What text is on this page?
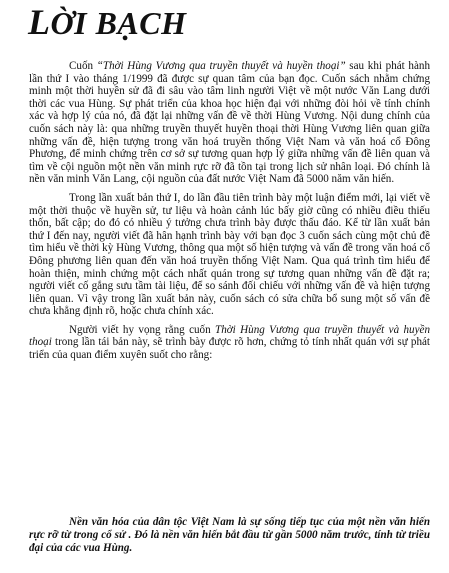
LỜI BẠCH

Cuốn “Thời Hùng Vương qua truyền thuyết và huyền thoại” sau khi phát hành lần thứ I vào tháng 1/1999 đã được sự quan tâm của bạn đọc. Cuốn sách nhằm chứng minh một thời huyền sử đã đi sâu vào tâm linh người Việt về một nước Văn Lang dưới thời các vua Hùng. Sự phát triển của khoa học hiện đại với những đòi hỏi về tính chính xác và hợp lý của nó, đã đặt lại những vấn đề về thời Hùng Vương. Nội dung chính của cuốn sách này là: qua những truyền thuyết huyền thoại thời Hùng Vương liên quan giữa những vấn đề, hiện tượng trong văn hoá truyền thống Việt Nam và văn hoá cổ Đông Phương, để minh chứng trên cơ sở sự tương quan hợp lý giữa những vấn đề liên quan và tìm về cội nguồn một nền văn minh rực rỡ đã tồn tại trong lịch sử nhân loại. Đó chính là nền văn minh Văn Lang, cội nguồn của đất nước Việt Nam đã 5000 năm văn hiến.

Trong lần xuất bản thứ I, do lần đầu tiên trình bày một luận điểm mới, lại viết về một thời thuộc về huyền sử, tư liệu và hoàn cảnh lúc bấy giờ cũng có nhiều điều thiếu thốn, bất cập; do đó có nhiều ý tưởng chưa trình bày được thấu đáo. Kể từ lần xuất bản thứ I đến nay, người viết đã hân hạnh trình bày với bạn đọc 3 cuốn sách cùng một chủ đề tìm hiểu về thời kỳ Hùng Vương, thông qua một số hiện tượng và vấn đề trong văn hoá cổ Đông phương liên quan đến văn hoá truyền thống Việt Nam. Qua quá trình tìm hiểu để hoàn thiện, minh chứng một cách nhất quán trong sự tương quan những vấn đề đặt ra; người viết cố gắng sưu tầm tài liệu, để so sánh đối chiếu với những vấn đề và hiện tượng liên quan. Vì vậy trong lần xuất bản này, cuốn sách có sửa chữa bổ sung một số vấn đề chưa khẳng định rõ, hoặc chưa chính xác.

Người viết hy vọng rằng cuốn Thời Hùng Vương qua truyền thuyết và huyền thoại trong lần tái bản này, sẽ trình bày được rõ hơn, chứng tỏ tính nhất quán với sự phát triển của quan điểm xuyên suốt cho rằng:

Nền văn hóa của dân tộc Việt Nam là sự sống tiếp tục của một nền văn hiến rực rỡ từ trong cổ sử . Đó là nền văn hiến bắt đầu từ gần 5000 năm trước, tính từ triều đại của các vua Hùng.
